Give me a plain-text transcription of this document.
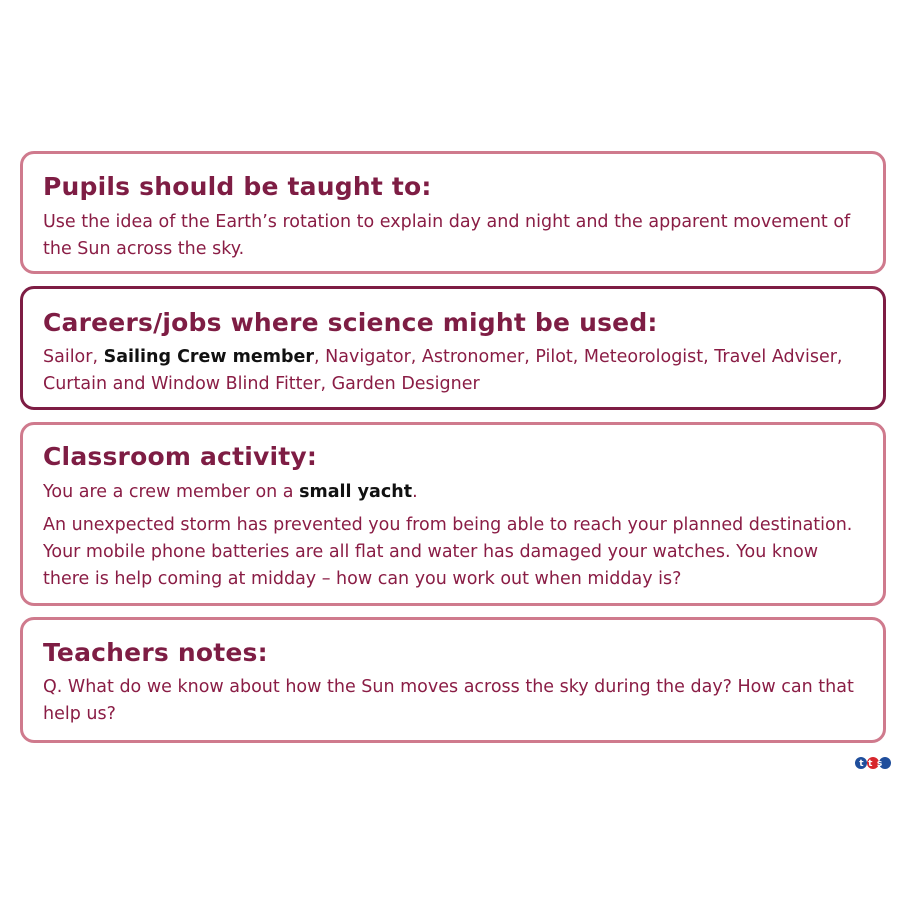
Pupils should be taught to:

Use the idea of the Earth’s rotation to explain day and night and the apparent movement of the Sun across the sky.

Careers/jobs where science might be used:

Sailor, Sailing Crew member, Navigator, Astronomer, Pilot, Meteorologist, Travel Adviser, Curtain and Window Blind Fitter, Garden Designer

Classroom activity:

You are a crew member on a small yacht.

An unexpected storm has prevented you from being able to reach your planned destination. Your mobile phone batteries are all flat and water has damaged your watches. You know there is help coming at midday – how can you work out when midday is?

Teachers notes:

Q. What do we know about how the Sun moves across the sky during the day? How can that help us?

tts
